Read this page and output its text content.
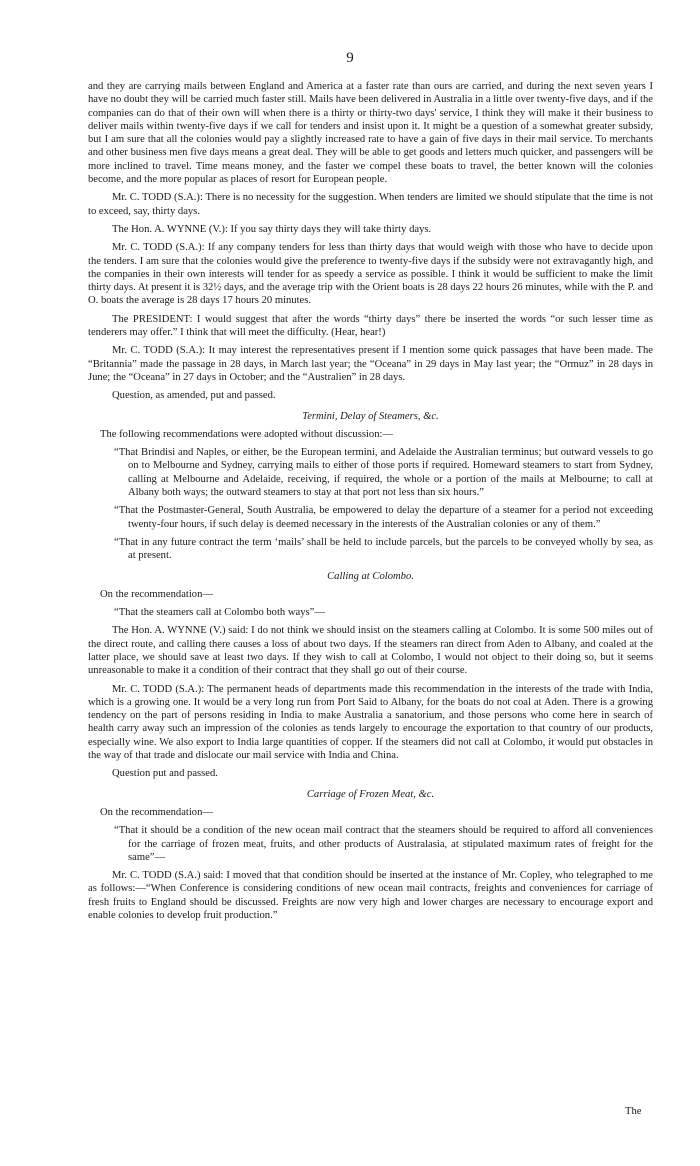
9

and they are carrying mails between England and America at a faster rate than ours are carried, and during the next seven years I have no doubt they will be carried much faster still. Mails have been delivered in Australia in a little over twenty-five days, and if the companies can do that of their own will when there is a thirty or thirty-two days' service, I think they will make it their business to deliver mails within twenty-five days if we call for tenders and insist upon it. It might be a question of a somewhat greater subsidy, but I am sure that all the colonies would pay a slightly increased rate to have a gain of five days in their mail service. To merchants and other business men five days means a great deal. They will be able to get goods and letters much quicker, and passengers will be more inclined to travel. Time means money, and the faster we compel these boats to travel, the better known will the colonies become, and the more popular as places of resort for European people.

Mr. C. TODD (S.A.): There is no necessity for the suggestion. When tenders are limited we should stipulate that the time is not to exceed, say, thirty days.

The Hon. A. WYNNE (V.): If you say thirty days they will take thirty days.

Mr. C. TODD (S.A.): If any company tenders for less than thirty days that would weigh with those who have to decide upon the tenders. I am sure that the colonies would give the preference to twenty-five days if the subsidy were not extravagantly high, and the companies in their own interests will tender for as speedy a service as possible. I think it would be sufficient to make the limit thirty days. At present it is 32½ days, and the average trip with the Orient boats is 28 days 22 hours 26 minutes, while with the P. and O. boats the average is 28 days 17 hours 20 minutes.

The PRESIDENT: I would suggest that after the words “thirty days” there be inserted the words “or such lesser time as tenderers may offer.” I think that will meet the difficulty. (Hear, hear!)

Mr. C. TODD (S.A.): It may interest the representatives present if I mention some quick passages that have been made. The “Britannia” made the passage in 28 days, in March last year; the “Oceana” in 29 days in May last year; the “Ormuz” in 28 days in June; the “Oceana” in 27 days in October; and the “Australien” in 28 days.

Question, as amended, put and passed.

Termini, Delay of Steamers, &c.

The following recommendations were adopted without discussion:—

“That Brindisi and Naples, or either, be the European termini, and Adelaide the Australian terminus; but outward vessels to go on to Melbourne and Sydney, carrying mails to either of those ports if required. Homeward steamers to start from Sydney, calling at Melbourne and Adelaide, receiving, if required, the whole or a portion of the mails at Melbourne; to call at Albany both ways; the outward steamers to stay at that port not less than six hours.”

“That the Postmaster-General, South Australia, be empowered to delay the departure of a steamer for a period not exceeding twenty-four hours, if such delay is deemed necessary in the interests of the Australian colonies or any of them.”

“That in any future contract the term ‘mails’ shall be held to include parcels, but the parcels to be conveyed wholly by sea, as at present.

Calling at Colombo.

On the recommendation—

“That the steamers call at Colombo both ways”—

The Hon. A. WYNNE (V.) said: I do not think we should insist on the steamers calling at Colombo. It is some 500 miles out of the direct route, and calling there causes a loss of about two days. If the steamers ran direct from Aden to Albany, and coaled at the latter place, we should save at least two days. If they wish to call at Colombo, I would not object to their doing so, but it seems unreasonable to make it a condition of their contract that they shall go out of their course.

Mr. C. TODD (S.A.): The permanent heads of departments made this recommendation in the interests of the trade with India, which is a growing one. It would be a very long run from Port Said to Albany, for the boats do not coal at Aden. There is a growing tendency on the part of persons residing in India to make Australia a sanatorium, and those persons who come here in search of health carry away such an impression of the colonies as tends largely to encourage the exportation to that country of our products, especially wine. We also export to India large quantities of copper. If the steamers did not call at Colombo, it would put obstacles in the way of that trade and dislocate our mail service with India and China.

Question put and passed.

Carriage of Frozen Meat, &c.

On the recommendation—

“That it should be a condition of the new ocean mail contract that the steamers should be required to afford all conveniences for the carriage of frozen meat, fruits, and other products of Australasia, at stipulated maximum rates of freight for the same”—

Mr. C. TODD (S.A.) said: I moved that that condition should be inserted at the instance of Mr. Copley, who telegraphed to me as follows:—“When Conference is considering conditions of new ocean mail contracts, freights and conveniences for carriage of fresh fruits to England should be discussed. Freights are now very high and lower charges are necessary to encourage export and enable colonies to develop fruit production.”

The
